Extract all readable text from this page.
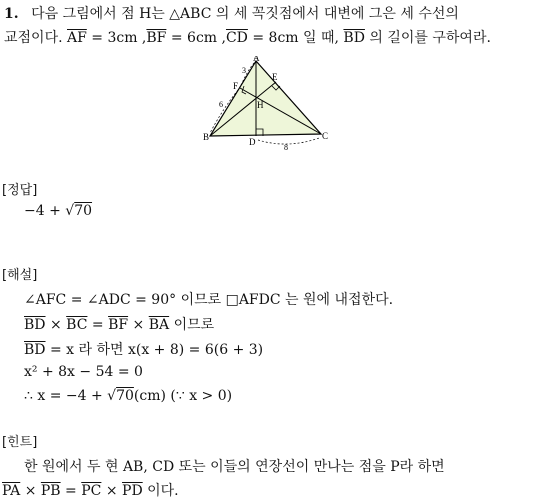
1. 다음 그림에서 점 H는 △ABC 의 세 꼭짓점에서 대변에 그은 세 수선의
교점이다. $\overline{AF} = 3cm$ $,\overline{BF} = 6cm$ $,\overline{CD} = 8cm$ 일 때, $\overline{BD}$ 의 길이를 구하여라.
A
B	C
D
E
F
H
3
6
8
[정답]
−4 + √70
[해설]
∠AFC = ∠ADC = 90° 이므로 □AFDC 는 원에 내접한다.
$\overline{BD} \times \overline{BC} = \overline{BF} \times \overline{BA}$ 이므로
$\overline{BD} = x$ 라 하면 x(x + 8) = 6(6 + 3)
x² + 8x − 54 = 0
∴ x = −4 + √70(cm) (∵ x > 0)
[힌트]
한 원에서 두 현 AB, CD 또는 이들의 연장선이 만나는 점을 P라 하면
$\overline{PA} \times \overline{PB} = \overline{PC} \times \overline{PD}$ 이다.
